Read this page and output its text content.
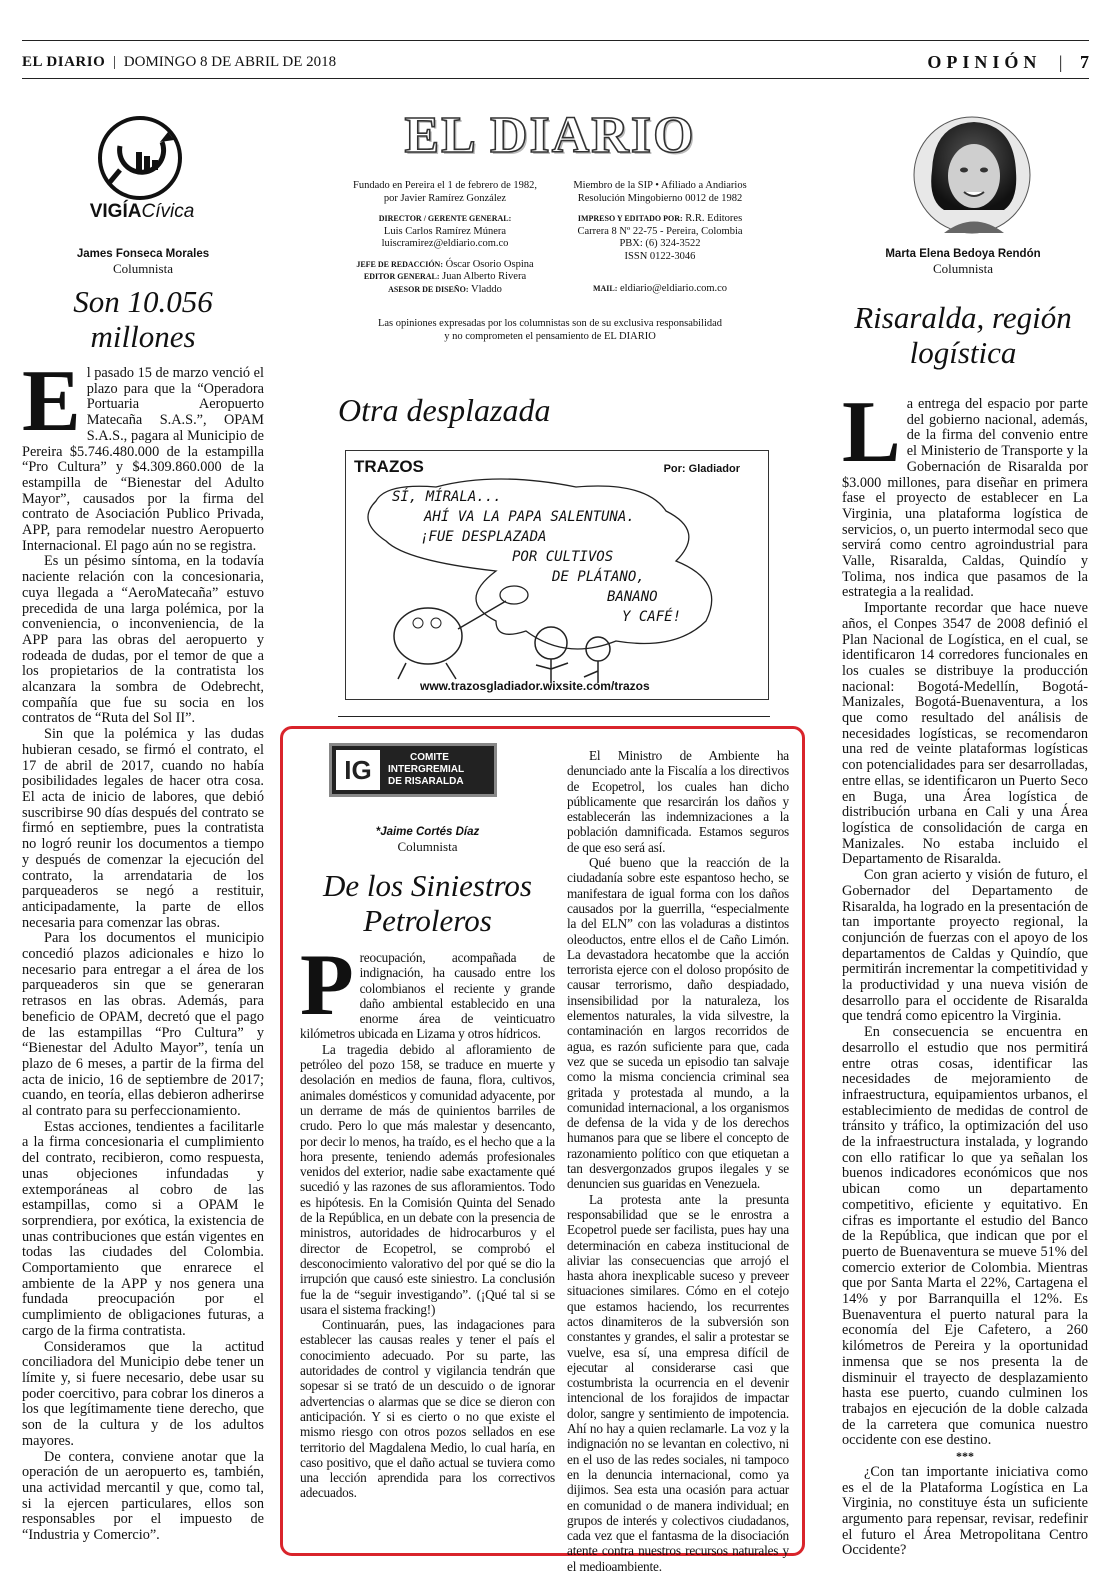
EL DIARIO | DOMINGO 8 DE ABRIL DE 2018	OPINIÓN | 7
VIGÍACívica
James Fonseca Morales
Columnista
Son 10.056
millones

El pasado 15 de marzo venció el plazo para que la “Operadora Portuaria Aeropuerto Matecaña S.A.S.”, OPAM S.A.S., pagara al Municipio de Pereira $5.746.480.000 de la estampilla “Pro Cultura” y $4.309.860.000 de la estampilla de “Bienestar del Adulto Mayor”, causados por la firma del contrato de Asociación Publico Privada, APP, para remodelar nuestro Aeropuerto Internacional. El pago aún no se registra.

Es un pésimo síntoma, en la todavía naciente relación con la concesionaria, cuya llegada a “AeroMatecaña” estuvo precedida de una larga polémica, por la conveniencia, o inconveniencia, de la APP para las obras del aeropuerto y rodeada de dudas, por el temor de que a los propietarios de la contratista los alcanzara la sombra de Odebrecht, compañía que fue su socia en los contratos de “Ruta del Sol II”.

Sin que la polémica y las dudas hubieran cesado, se firmó el contrato, el 17 de abril de 2017, cuando no había posibilidades legales de hacer otra cosa. El acta de inicio de labores, que debió suscribirse 90 días después del contrato se firmó en septiembre, pues la contratista no logró reunir los documentos a tiempo y después de comenzar la ejecución del contrato, la arrendataria de los parqueaderos se negó a restituir, anticipadamente, la parte de ellos necesaria para comenzar las obras.

Para los documentos el municipio concedió plazos adicionales e hizo lo necesario para entregar a el área de los parqueaderos sin que se generaran retrasos en las obras. Además, para beneficio de OPAM, decretó que el pago de las estampillas “Pro Cultura” y “Bienestar del Adulto Mayor”, tenía un plazo de 6 meses, a partir de la firma del acta de inicio, 16 de septiembre de 2017; cuando, en teoría, ellas debieron adherirse al contrato para su perfeccionamiento.

Estas acciones, tendientes a facilitarle a la firma concesionaria el cumplimiento del contrato, recibieron, como respuesta, unas objeciones infundadas y extemporáneas al cobro de las estampillas, como si a OPAM le sorprendiera, por exótica, la existencia de unas contribuciones que están vigentes en todas las ciudades del Colombia. Comportamiento que enrarece el ambiente de la APP y nos genera una fundada preocupación por el cumplimiento de obligaciones futuras, a cargo de la firma contratista.

Consideramos que la actitud conciliadora del Municipio debe tener un límite y, si fuere necesario, debe usar su poder coercitivo, para cobrar los dineros a los que legítimamente tiene derecho, que son de la cultura y de los adultos mayores.

De contera, conviene anotar que la operación de un aeropuerto es, también, una actividad mercantil y que, como tal, si la ejercen particulares, ellos son responsables por el impuesto de “Industria y Comercio”.

EL DIARIO
Fundado en Pereira el 1 de febrero de 1982,
por Javier Ramírez González
DIRECTOR / GERENTE GENERAL:
Luis Carlos Ramírez Múnera
luiscramirez@eldiario.com.co
JEFE DE REDACCIÓN: Óscar Osorio Ospina
EDITOR GENERAL: Juan Alberto Rivera
ASESOR DE DISEÑO: Vladdo
Miembro de la SIP • Afiliado a Andiarios
Resolución Mingobierno 0012 de 1982
IMPRESO Y EDITADO POR: R.R. Editores
Carrera 8 Nº 22-75 - Pereira, Colombia
PBX: (6) 324-3522
ISSN 0122-3046
MAIL: eldiario@eldiario.com.co
Las opiniones expresadas por los columnistas son de su exclusiva responsabilidad
y no comprometen el pensamiento de EL DIARIO
Otra desplazada
TRAZOS	Por: Gladiador
SÍ, MÍRALA...
AHÍ VA LA PAPA SALENTUNA.
¡FUE DESPLAZADA
POR CULTIVOS
DE PLÁTANO,
BANANO
Y CAFÉ!
www.trazosgladiador.wixsite.com/trazos
IG	COMITE
INTERGREMIAL
DE RISARALDA
*Jaime Cortés Díaz
Columnista
De los Siniestros
Petroleros

Preocupación, acompañada de indignación, ha causado entre los colombianos el reciente y grande daño ambiental establecido en una enorme área de veinticuatro kilómetros ubicada en Lizama y otros hídricos.

La tragedia debido al afloramiento de petróleo del pozo 158, se traduce en muerte y desolación en medios de fauna, flora, cultivos, animales domésticos y comunidad adyacente, por un derrame de más de quinientos barriles de crudo. Pero lo que más malestar y desencanto, por decir lo menos, ha traído, es el hecho que a la hora presente, teniendo además profesionales venidos del exterior, nadie sabe exactamente qué sucedió y las razones de sus afloramientos. Todo es hipótesis. En la Comisión Quinta del Senado de la República, en un debate con la presencia de ministros, autoridades de hidrocarburos y el director de Ecopetrol, se comprobó el desconocimiento valorativo del por qué se dio la irrupción que causó este siniestro. La conclusión fue la de “seguir investigando”. (¡Qué tal si se usara el sistema fracking!)

Continuarán, pues, las indagaciones para establecer las causas reales y tener el país el conocimiento adecuado. Por su parte, las autoridades de control y vigilancia tendrán que sopesar si se trató de un descuido o de ignorar advertencias o alarmas que se dice se dieron con anticipación. Y si es cierto o no que existe el mismo riesgo con otros pozos sellados en ese territorio del Magdalena Medio, lo cual haría, en caso positivo, que el daño actual se tuviera como una lección aprendida para los correctivos adecuados.

El Ministro de Ambiente ha denunciado ante la Fiscalía a los directivos de Ecopetrol, los cuales han dicho públicamente que resarcirán los daños y establecerán las indemnizaciones a la población damnificada. Estamos seguros de que eso será así.

Qué bueno que la reacción de la ciudadanía sobre este espantoso hecho, se manifestara de igual forma con los daños causados por la guerrilla, “especialmente la del ELN” con las voladuras a distintos oleoductos, entre ellos el de Caño Limón. La devastadora hecatombe que la acción terrorista ejerce con el doloso propósito de causar terrorismo, daño despiadado, insensibilidad por la naturaleza, los elementos naturales, la vida silvestre, la contaminación en largos recorridos de agua, es razón suficiente para que, cada vez que se suceda un episodio tan salvaje como la misma conciencia criminal sea gritada y protestada al mundo, a la comunidad internacional, a los organismos de defensa de la vida y de los derechos humanos para que se libere el concepto de razonamiento político con que etiquetan a tan desvergonzados grupos ilegales y se denuncien sus guaridas en Venezuela.

La protesta ante la presunta responsabilidad que se le enrostra a Ecopetrol puede ser facilista, pues hay una determinación en cabeza institucional de aliviar las consecuencias que arrojó el hasta ahora inexplicable suceso y preveer situaciones similares. Cómo en el cotejo que estamos haciendo, los recurrentes actos dinamiteros de la subversión son constantes y grandes, el salir a protestar se vuelve, esa sí, una empresa difícil de ejecutar al considerarse casi que costumbrista la ocurrencia en el devenir intencional de los forajidos de impactar dolor, sangre y sentimiento de impotencia. Ahí no hay a quien reclamarle. La voz y la indignación no se levantan en colectivo, ni en el uso de las redes sociales, ni tampoco en la denuncia internacional, como ya dijimos. Sea esta una ocasión para actuar en comunidad o de manera individual; en grupos de interés y colectivos ciudadanos, cada vez que el fantasma de la disociación atente contra nuestros recursos naturales y el medioambiente.

Marta Elena Bedoya Rendón
Columnista
Risaralda, región
logística

La entrega del espacio por parte del gobierno nacional, además, de la firma del convenio entre el Ministerio de Transporte y la Gobernación de Risaralda por $3.000 millones, para diseñar en primera fase el proyecto de establecer en La Virginia, una plataforma logística de servicios, o, un puerto intermodal seco que servirá como centro agroindustrial para Valle, Risaralda, Caldas, Quindío y Tolima, nos indica que pasamos de la estrategia a la realidad.

Importante recordar que hace nueve años, el Conpes 3547 de 2008 definió el Plan Nacional de Logística, en el cual, se identificaron 14 corredores funcionales en los cuales se distribuye la producción nacional: Bogotá-Medellín, Bogotá-Manizales, Bogotá-Buenaventura, a los que como resultado del análisis de necesidades logísticas, se recomendaron una red de veinte plataformas logísticas con potencialidades para ser desarrolladas, entre ellas, se identificaron un Puerto Seco en Buga, una Área logística de distribución urbana en Cali y una Área logística de consolidación de carga en Manizales. No estaba incluido el Departamento de Risaralda.

Con gran acierto y visión de futuro, el Gobernador del Departamento de Risaralda, ha logrado en la presentación de tan importante proyecto regional, la conjunción de fuerzas con el apoyo de los departamentos de Caldas y Quindío, que permitirán incrementar la competitividad y la productividad y una nueva visión de desarrollo para el occidente de Risaralda que tendrá como epicentro la Virginia.

En consecuencia se encuentra en desarrollo el estudio que nos permitirá entre otras cosas, identificar las necesidades de mejoramiento de infraestructura, equipamientos urbanos, el establecimiento de medidas de control de tránsito y tráfico, la optimización del uso de la infraestructura instalada, y logrando con ello ratificar lo que ya señalan los buenos indicadores económicos que nos ubican como un departamento competitivo, eficiente y equitativo. En cifras es importante el estudio del Banco de la República, que indican que por el puerto de Buenaventura se mueve 51% del comercio exterior de Colombia. Mientras que por Santa Marta el 22%, Cartagena el 14% y por Barranquilla el 12%. Es Buenaventura el puerto natural para la economía del Eje Cafetero, a 260 kilómetros de Pereira y la oportunidad inmensa que se nos presenta la de disminuir el trayecto de desplazamiento hasta ese puerto, cuando culminen los trabajos en ejecución de la doble calzada de la carretera que comunica nuestro occidente con ese destino.

***

¿Con tan importante iniciativa como es el de la Plataforma Logística en La Virginia, no constituye ésta un suficiente argumento para repensar, revisar, redefinir el futuro el Área Metropolitana Centro Occidente?
